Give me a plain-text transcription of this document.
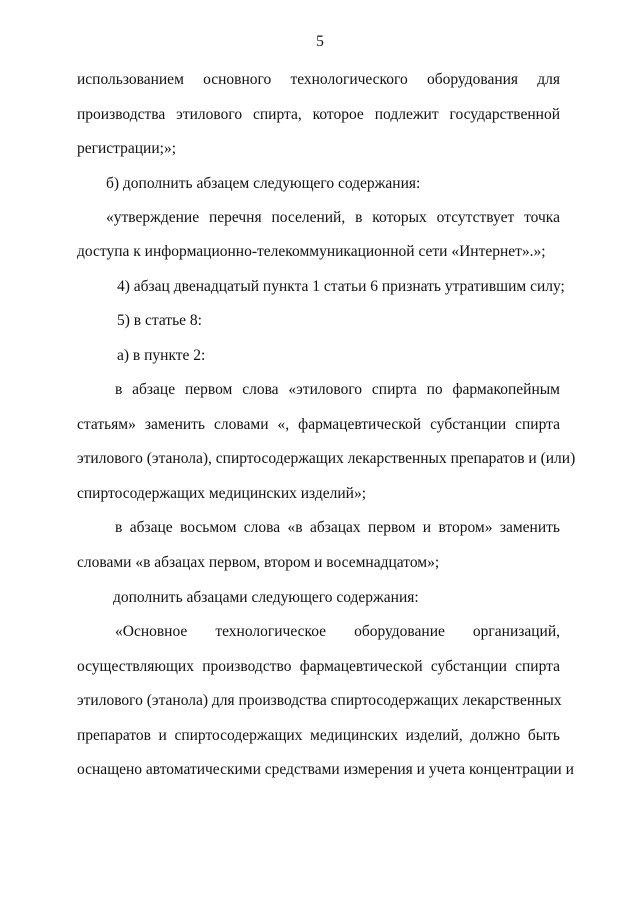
5
использованием основного технологического оборудования для
производства этилового спирта, которое подлежит государственной
регистрации;»;
б) дополнить абзацем следующего содержания:
«утверждение перечня поселений, в которых отсутствует точка
доступа к информационно-телекоммуникационной сети «Интернет».»;
4) абзац двенадцатый пункта 1 статьи 6 признать утратившим силу;
5) в статье 8:
а) в пункте 2:
в абзаце первом слова «этилового спирта по фармакопейным
статьям» заменить словами «, фармацевтической субстанции спирта
этилового (этанола), спиртосодержащих лекарственных препаратов и (или)
спиртосодержащих медицинских изделий»;
в абзаце восьмом слова «в абзацах первом и втором» заменить
словами «в абзацах первом, втором и восемнадцатом»;
дополнить абзацами следующего содержания:
«Основное технологическое оборудование организаций,
осуществляющих производство фармацевтической субстанции спирта
этилового (этанола) для производства спиртосодержащих лекарственных
препаратов и спиртосодержащих медицинских изделий, должно быть
оснащено автоматическими средствами измерения и учета концентрации и
